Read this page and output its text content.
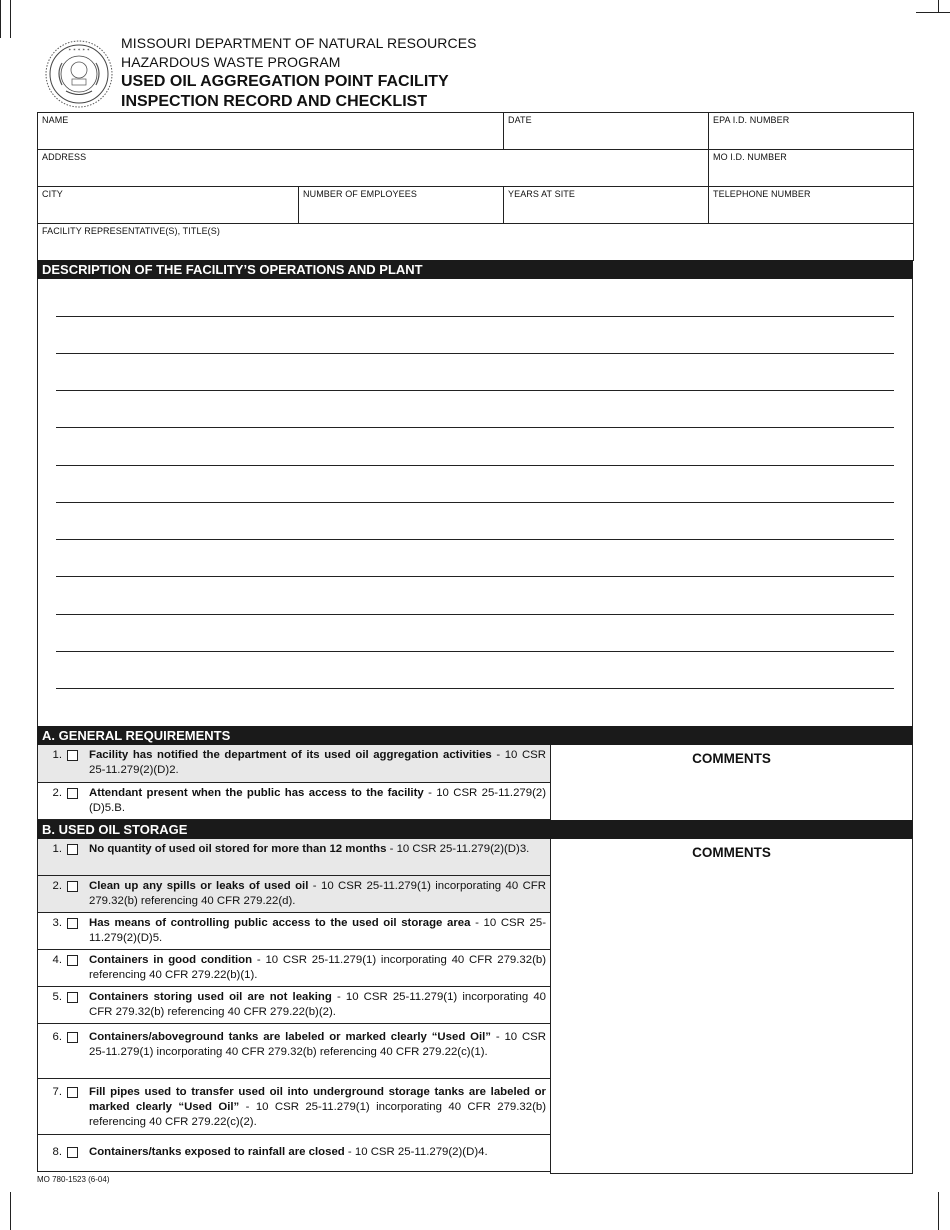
✶ ✶ ✶ ✶ ✶ MISSOURI DEPARTMENT OF NATURAL RESOURCES
HAZARDOUS WASTE PROGRAM
USED OIL AGGREGATION POINT FACILITY
INSPECTION RECORD AND CHECKLIST
NAME		DATE	EPA I.D. NUMBER
ADDRESS			MO I.D. NUMBER
CITY	NUMBER OF EMPLOYEES	YEARS AT SITE	TELEPHONE NUMBER
FACILITY REPRESENTATIVE(S), TITLE(S)			
DESCRIPTION OF THE FACILITY’S OPERATIONS AND PLANT
A. GENERAL REQUIREMENTS
1. Facility has notified the department of its used oil aggregation activities - 10 CSR 25-11.279(2)(D)2.
2. Attendant present when the public has access to the facility - 10 CSR 25-11.279(2)(D)5.B.
COMMENTS
B. USED OIL STORAGE
1. No quantity of used oil stored for more than 12 months - 10 CSR 25-11.279(2)(D)3.
2. Clean up any spills or leaks of used oil - 10 CSR 25-11.279(1) incorporating 40 CFR 279.32(b) referencing 40 CFR 279.22(d).
3. Has means of controlling public access to the used oil storage area - 10 CSR 25-11.279(2)(D)5.
4. Containers in good condition - 10 CSR 25-11.279(1) incorporating 40 CFR 279.32(b) referencing 40 CFR 279.22(b)(1).
5. Containers storing used oil are not leaking - 10 CSR 25-11.279(1) incorporating 40 CFR 279.32(b) referencing 40 CFR 279.22(b)(2).
6. Containers/aboveground tanks are labeled or marked clearly “Used Oil” - 10 CSR 25-11.279(1) incorporating 40 CFR 279.32(b) referencing 40 CFR 279.22(c)(1).
7. Fill pipes used to transfer used oil into underground storage tanks are labeled or marked clearly “Used Oil” - 10 CSR 25-11.279(1) incorporating 40 CFR 279.32(b) referencing 40 CFR 279.22(c)(2).
8. Containers/tanks exposed to rainfall are closed - 10 CSR 25-11.279(2)(D)4.
COMMENTS
MO 780-1523 (6-04)
